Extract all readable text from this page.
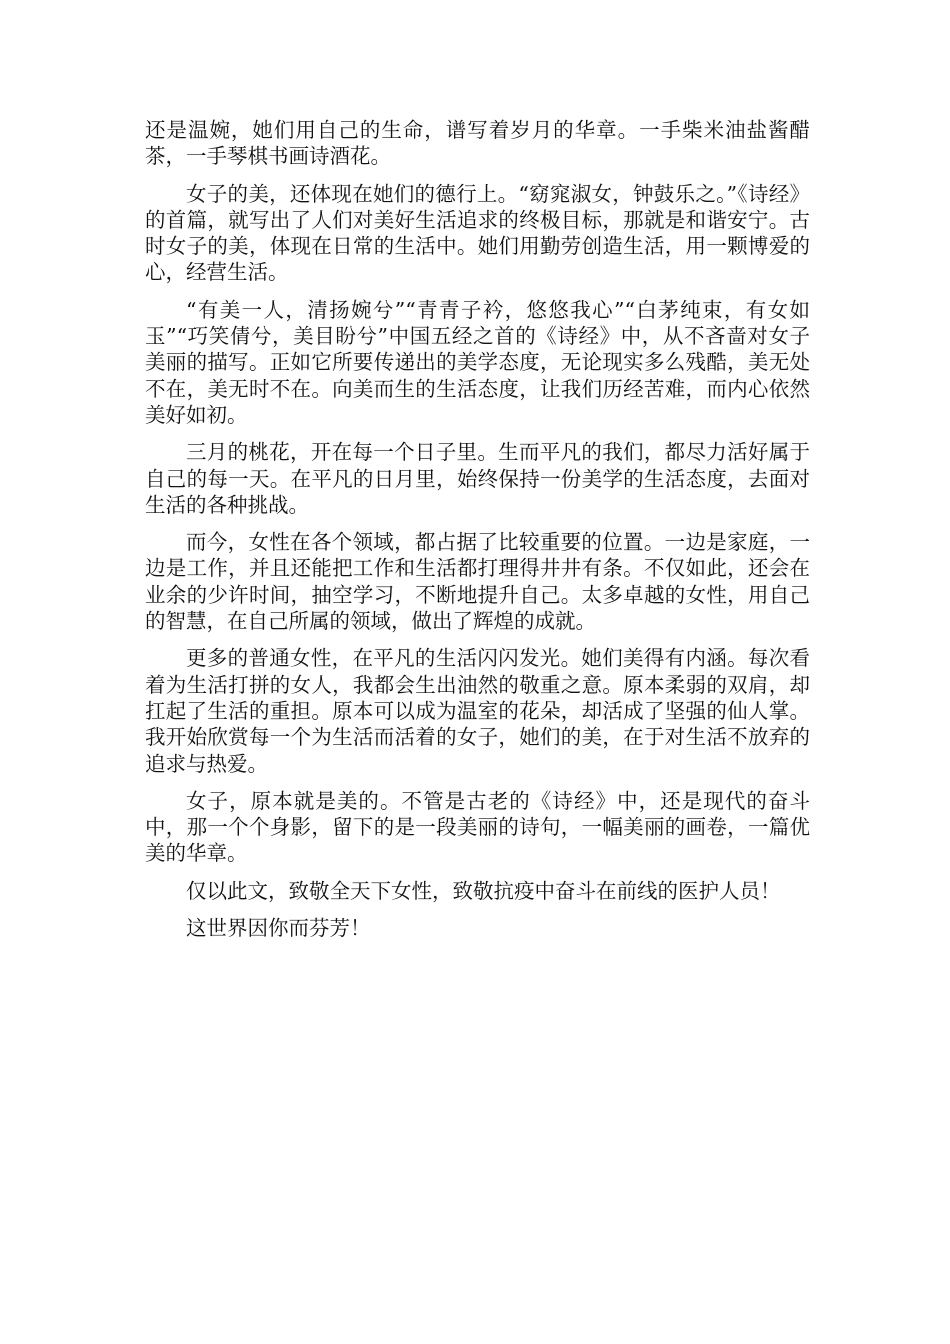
还是温婉，她们用自己的生命，谱写着岁月的华章。一手柴米油盐酱醋茶，一手琴棋书画诗酒花。

女子的美，还体现在她们的德行上。“窈窕淑女，钟鼓乐之。”《诗经》的首篇，就写出了人们对美好生活追求的终极目标，那就是和谐安宁。古时女子的美，体现在日常的生活中。她们用勤劳创造生活，用一颗博爱的心，经营生活。

“有美一人，清扬婉兮”“青青子衿，悠悠我心”“白茅纯束，有女如玉”“巧笑倩兮，美目盼兮”中国五经之首的《诗经》中，从不吝啬对女子美丽的描写。正如它所要传递出的美学态度，无论现实多么残酷，美无处不在，美无时不在。向美而生的生活态度，让我们历经苦难，而内心依然美好如初。

三月的桃花，开在每一个日子里。生而平凡的我们，都尽力活好属于自己的每一天。在平凡的日月里，始终保持一份美学的生活态度，去面对生活的各种挑战。

而今，女性在各个领域，都占据了比较重要的位置。一边是家庭，一边是工作，并且还能把工作和生活都打理得井井有条。不仅如此，还会在业余的少许时间，抽空学习，不断地提升自己。太多卓越的女性，用自己的智慧，在自己所属的领域，做出了辉煌的成就。

更多的普通女性，在平凡的生活闪闪发光。她们美得有内涵。每次看着为生活打拼的女人，我都会生出油然的敬重之意。原本柔弱的双肩，却扛起了生活的重担。原本可以成为温室的花朵，却活成了坚强的仙人掌。我开始欣赏每一个为生活而活着的女子，她们的美，在于对生活不放弃的追求与热爱。

女子，原本就是美的。不管是古老的《诗经》中，还是现代的奋斗中，那一个个身影，留下的是一段美丽的诗句，一幅美丽的画卷，一篇优美的华章。

仅以此文，致敬全天下女性，致敬抗疫中奋斗在前线的医护人员！

这世界因你而芬芳！
